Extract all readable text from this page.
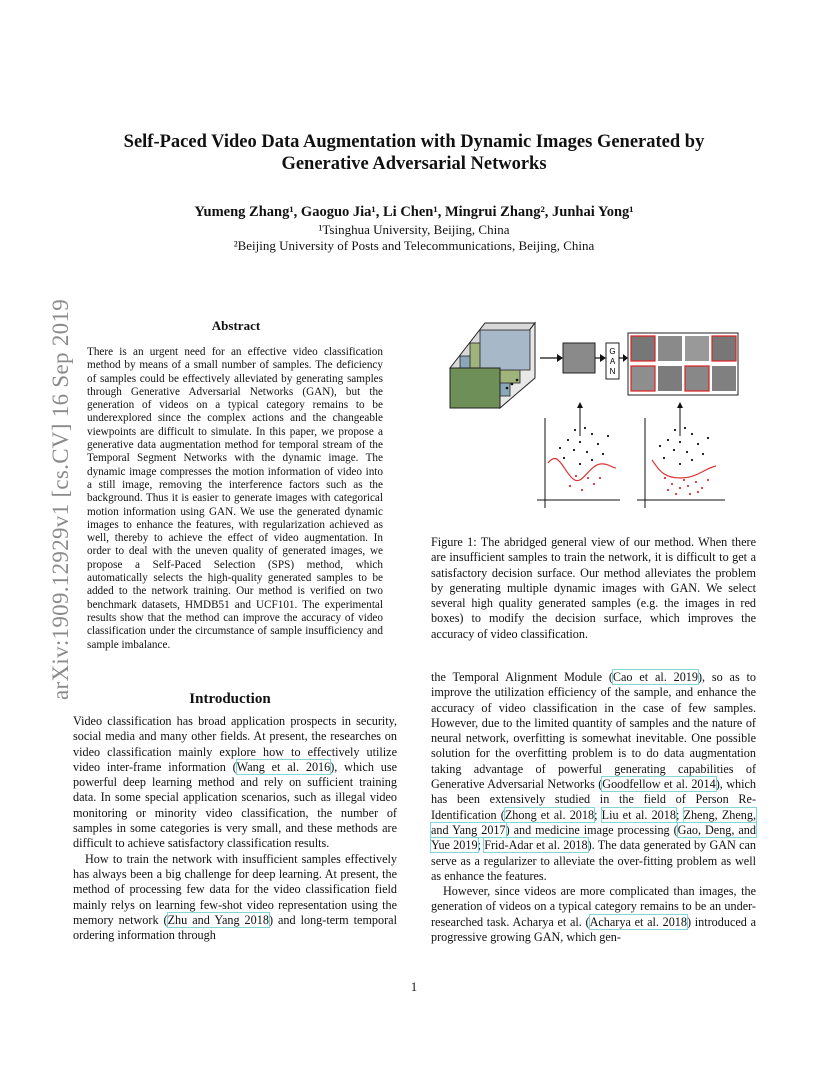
arXiv:1909.12929v1 [cs.CV] 16 Sep 2019
Self-Paced Video Data Augmentation with Dynamic Images Generated by
Generative Adversarial Networks
Yumeng Zhang¹, Gaoguo Jia¹, Li Chen¹, Mingrui Zhang², Junhai Yong¹
¹Tsinghua University, Beijing, China
²Beijing University of Posts and Telecommunications, Beijing, China
Abstract
There is an urgent need for an effective video classification method by means of a small number of samples. The deficiency of samples could be effectively alleviated by generating samples through Generative Adversarial Networks (GAN), but the generation of videos on a typical category remains to be underexplored since the complex actions and the changeable viewpoints are difficult to simulate. In this paper, we propose a generative data augmentation method for temporal stream of the Temporal Segment Networks with the dynamic image. The dynamic image compresses the motion information of video into a still image, removing the interference factors such as the background. Thus it is easier to generate images with categorical motion information using GAN. We use the generated dynamic images to enhance the features, with regularization achieved as well, thereby to achieve the effect of video augmentation. In order to deal with the uneven quality of generated images, we propose a Self-Paced Selection (SPS) method, which automatically selects the high-quality generated samples to be added to the network training. Our method is verified on two benchmark datasets, HMDB51 and UCF101. The experimental results show that the method can improve the accuracy of video classification under the circumstance of sample insufficiency and sample imbalance.
G
A
N
Figure 1: The abridged general view of our method. When there are insufficient samples to train the network, it is difficult to get a satisfactory decision surface. Our method alleviates the problem by generating multiple dynamic images with GAN. We select several high quality generated samples (e.g. the images in red boxes) to modify the decision surface, which improves the accuracy of video classification.
Introduction

Video classification has broad application prospects in security, social media and many other fields. At present, the researches on video classification mainly explore how to effectively utilize video inter-frame information (Wang et al. 2016), which use powerful deep learning method and rely on sufficient training data. In some special application scenarios, such as illegal video monitoring or minority video classification, the number of samples in some categories is very small, and these methods are difficult to achieve satisfactory classification results.

How to train the network with insufficient samples effectively has always been a big challenge for deep learning. At present, the method of processing few data for the video classification field mainly relys on learning few-shot video representation using the memory network (Zhu and Yang 2018) and long-term temporal ordering information through

the Temporal Alignment Module (Cao et al. 2019), so as to improve the utilization efficiency of the sample, and enhance the accuracy of video classification in the case of few samples. However, due to the limited quantity of samples and the nature of neural network, overfitting is somewhat inevitable. One possible solution for the overfitting problem is to do data augmentation taking advantage of powerful generating capabilities of Generative Adversarial Networks (Goodfellow et al. 2014), which has been extensively studied in the field of Person Re-Identification (Zhong et al. 2018; Liu et al. 2018; Zheng, Zheng, and Yang 2017) and medicine image processing (Gao, Deng, and Yue 2019; Frid-Adar et al. 2018). The data generated by GAN can serve as a regularizer to alleviate the over-fitting problem as well as enhance the features.

However, since videos are more complicated than images, the generation of videos on a typical category remains to be an under-researched task. Acharya et al. (Acharya et al. 2018) introduced a progressive growing GAN, which gen-

1
